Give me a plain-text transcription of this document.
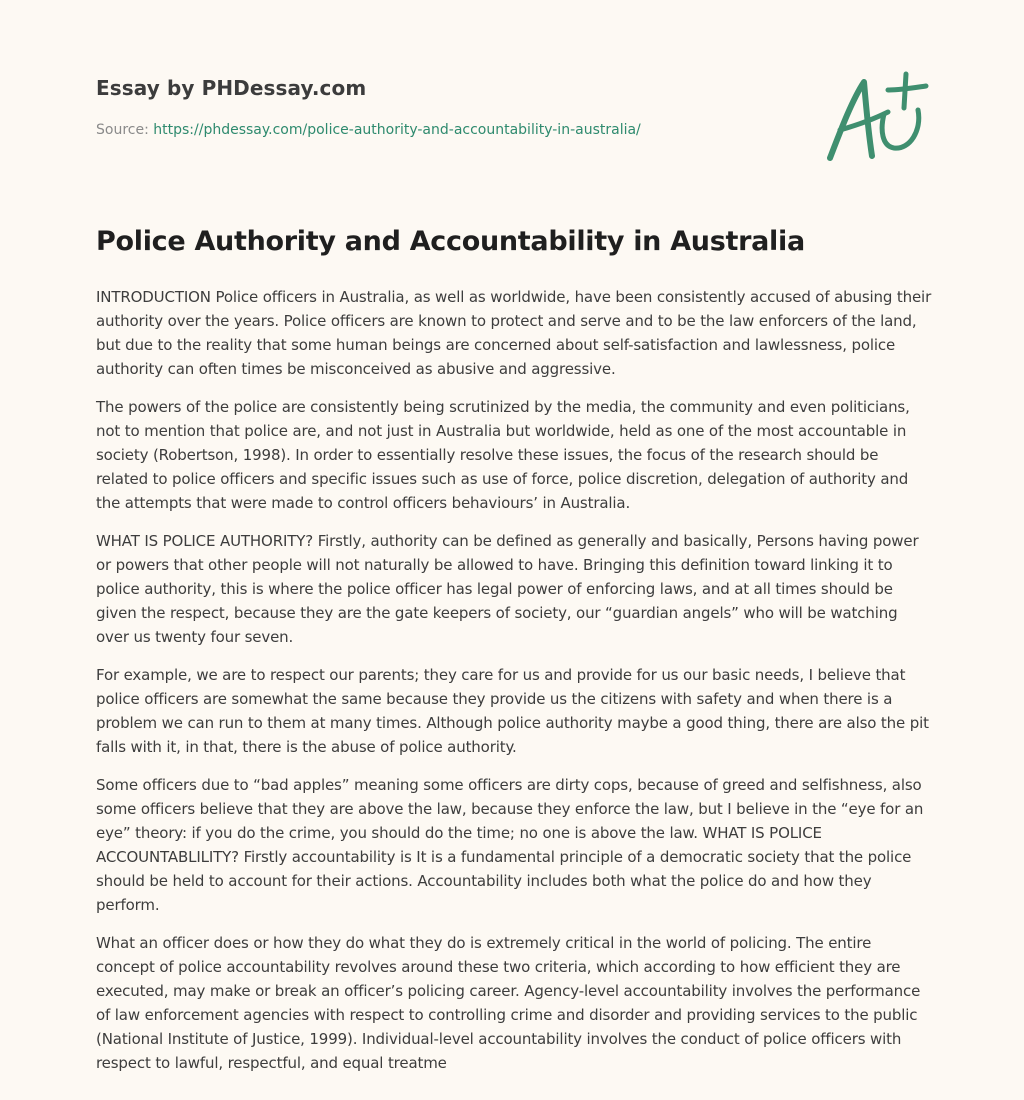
Essay by PHDessay.com
Source: https://phdessay.com/police-authority-and-accountability-in-australia/
Police Authority and Accountability in Australia

INTRODUCTION Police officers in Australia, as well as worldwide, have been consistently accused of abusing their authority over the years. Police officers are known to protect and serve and to be the law enforcers of the land, but due to the reality that some human beings are concerned about self-satisfaction and lawlessness, police authority can often times be misconceived as abusive and aggressive.

The powers of the police are consistently being scrutinized by the media, the community and even politicians, not to mention that police are, and not just in Australia but worldwide, held as one of the most accountable in society (Robertson, 1998). In order to essentially resolve these issues, the focus of the research should be related to police officers and specific issues such as use of force, police discretion, delegation of authority and the attempts that were made to control officers behaviours’ in Australia.

WHAT IS POLICE AUTHORITY? Firstly, authority can be defined as generally and basically, Persons having power or powers that other people will not naturally be allowed to have. Bringing this definition toward linking it to police authority, this is where the police officer has legal power of enforcing laws, and at all times should be given the respect, because they are the gate keepers of society, our “guardian angels” who will be watching over us twenty four seven.

For example, we are to respect our parents; they care for us and provide for us our basic needs, I believe that police officers are somewhat the same because they provide us the citizens with safety and when there is a problem we can run to them at many times. Although police authority maybe a good thing, there are also the pit falls with it, in that, there is the abuse of police authority.

Some officers due to “bad apples” meaning some officers are dirty cops, because of greed and selfishness, also some officers believe that they are above the law, because they enforce the law, but I believe in the “eye for an eye” theory: if you do the crime, you should do the time; no one is above the law. WHAT IS POLICE ACCOUNTABLILITY? Firstly accountability is It is a fundamental principle of a democratic society that the police should be held to account for their actions. Accountability includes both what the police do and how they perform.

What an officer does or how they do what they do is extremely critical in the world of policing. The entire concept of police accountability revolves around these two criteria, which according to how efficient they are executed, may make or break an officer’s policing career. Agency-level accountability involves the performance of law enforcement agencies with respect to controlling crime and disorder and providing services to the public (National Institute of Justice, 1999). Individual-level accountability involves the conduct of police officers with respect to lawful, respectful, and equal treatme
